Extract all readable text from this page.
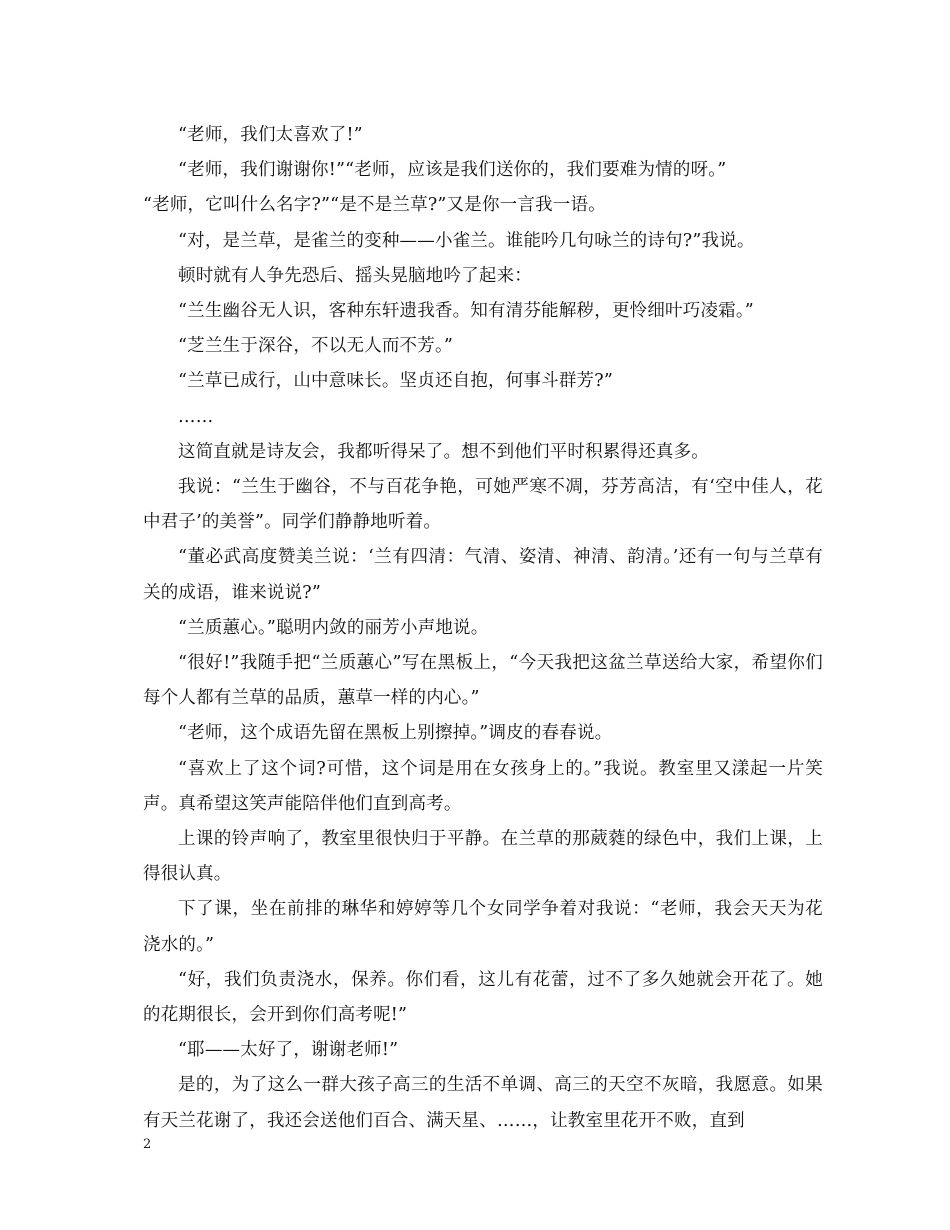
“老师，我们太喜欢了!”

“老师，我们谢谢你!”“老师，应该是我们送你的，我们要难为情的呀。”

“老师，它叫什么名字?”“是不是兰草?”又是你一言我一语。

“对，是兰草，是雀兰的变种——小雀兰。谁能吟几句咏兰的诗句?”我说。

顿时就有人争先恐后、摇头晃脑地吟了起来：

“兰生幽谷无人识，客种东轩遗我香。知有清芬能解秽，更怜细叶巧凌霜。”

“芝兰生于深谷，不以无人而不芳。”

“兰草已成行，山中意味长。坚贞还自抱，何事斗群芳?”

……

这简直就是诗友会，我都听得呆了。想不到他们平时积累得还真多。

我说：“兰生于幽谷，不与百花争艳，可她严寒不凋，芬芳高洁，有‘空中佳人，花中君子’的美誉”。同学们静静地听着。

“董必武高度赞美兰说：‘兰有四清：气清、姿清、神清、韵清。’还有一句与兰草有关的成语，谁来说说?”

“兰质蕙心。”聪明内敛的丽芳小声地说。

“很好!”我随手把“兰质蕙心”写在黑板上，“今天我把这盆兰草送给大家，希望你们每个人都有兰草的品质，蕙草一样的内心。”

“老师，这个成语先留在黑板上别擦掉。”调皮的春春说。

“喜欢上了这个词?可惜，这个词是用在女孩身上的。”我说。教室里又漾起一片笑声。真希望这笑声能陪伴他们直到高考。

上课的铃声响了，教室里很快归于平静。在兰草的那葳蕤的绿色中，我们上课，上得很认真。

下了课，坐在前排的琳华和婷婷等几个女同学争着对我说：“老师，我会天天为花浇水的。”

“好，我们负责浇水，保养。你们看，这儿有花蕾，过不了多久她就会开花了。她的花期很长，会开到你们高考呢!”

“耶——太好了，谢谢老师!”

是的，为了这么一群大孩子高三的生活不单调、高三的天空不灰暗，我愿意。如果有天兰花谢了，我还会送他们百合、满天星、……，让教室里花开不败，直到

2
